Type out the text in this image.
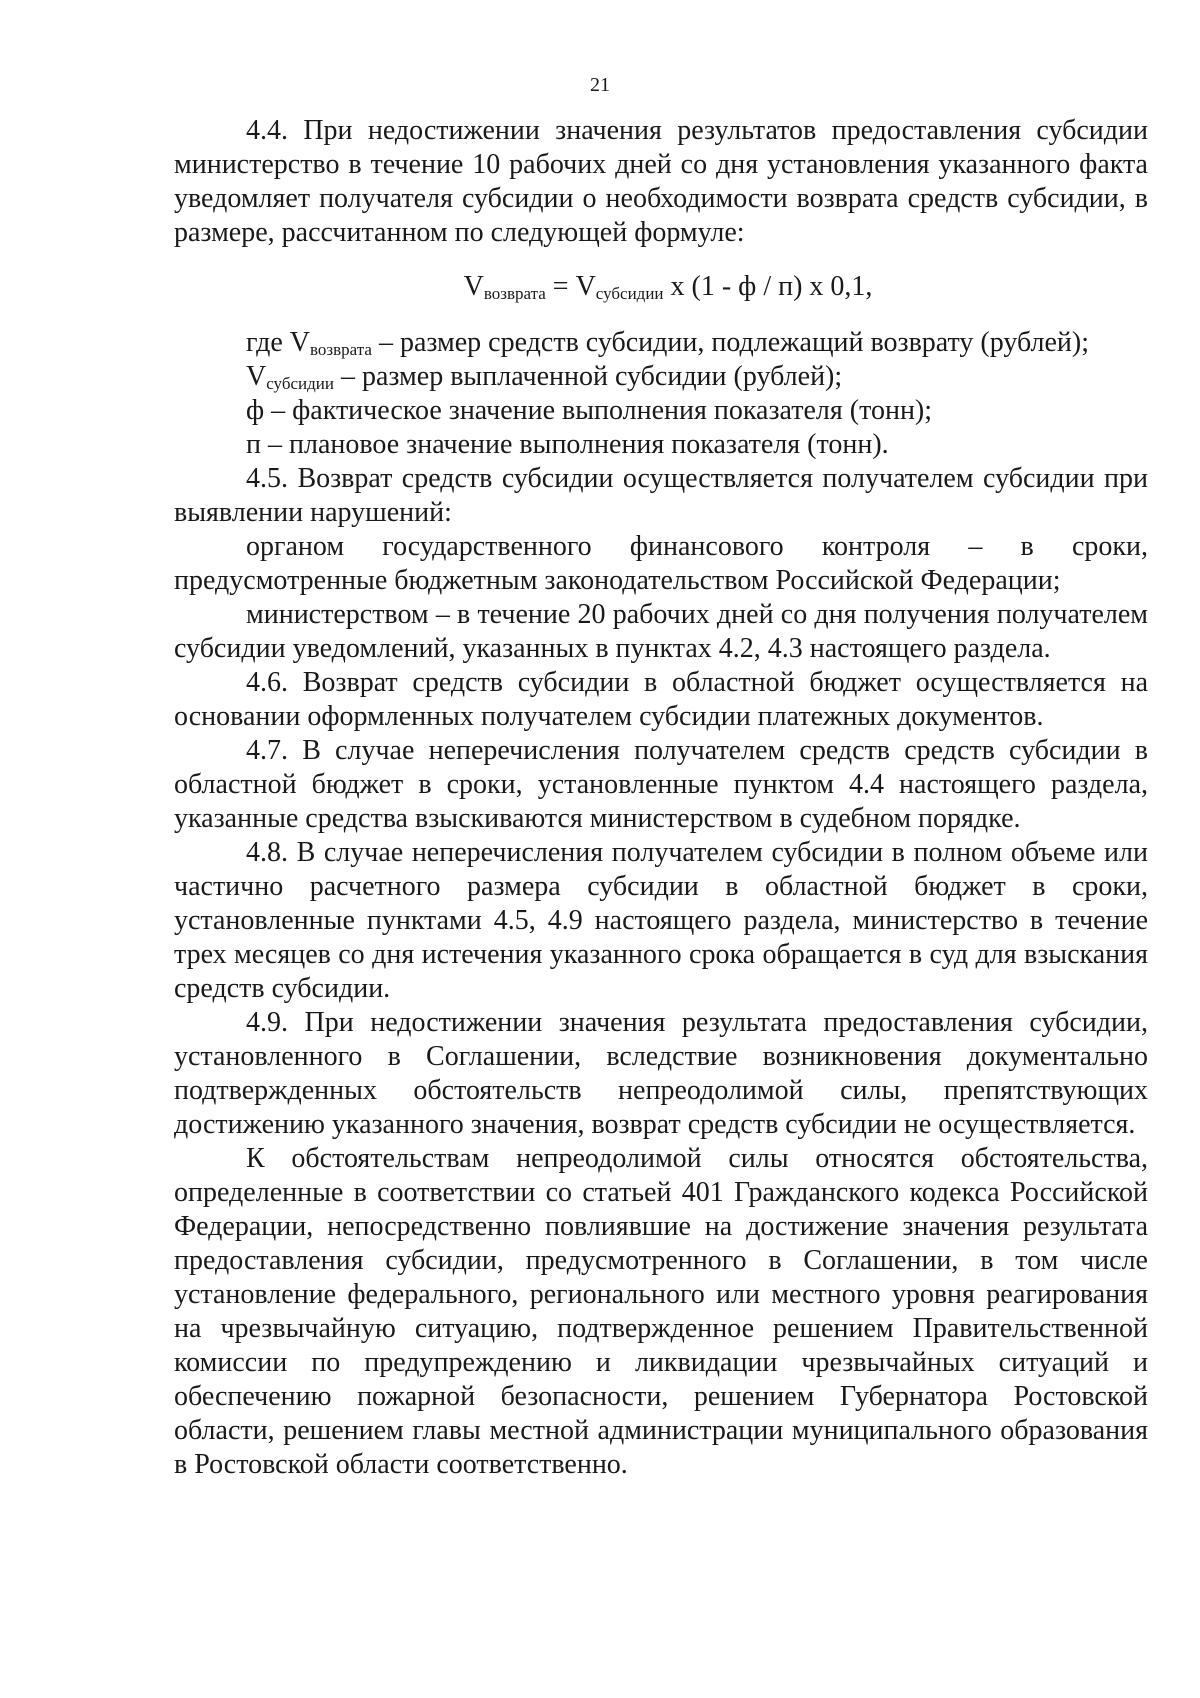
21

4.4. При недостижении значения результатов предоставления субсидии министерство в течение 10 рабочих дней со дня установления указанного факта уведомляет получателя субсидии о необходимости возврата средств субсидии, в размере, рассчитанном по следующей формуле:

$V_{возврата} = V_{субсидии}$ х (1 - ф / п) х 0,1,

где $V_{возврата}$ – размер средств субсидии, подлежащий возврату (рублей);

$V_{субсидии}$ – размер выплаченной субсидии (рублей);

ф – фактическое значение выполнения показателя (тонн);

п – плановое значение выполнения показателя (тонн).

4.5. Возврат средств субсидии осуществляется получателем субсидии при выявлении нарушений:

органом государственного финансового контроля – в сроки, предусмотренные бюджетным законодательством Российской Федерации;

министерством – в течение 20 рабочих дней со дня получения получателем субсидии уведомлений, указанных в пунктах 4.2, 4.3 настоящего раздела.

4.6. Возврат средств субсидии в областной бюджет осуществляется на основании оформленных получателем субсидии платежных документов.

4.7. В случае неперечисления получателем средств средств субсидии в областной бюджет в сроки, установленные пунктом 4.4 настоящего раздела, указанные средства взыскиваются министерством в судебном порядке.

4.8. В случае неперечисления получателем субсидии в полном объеме или частично расчетного размера субсидии в областной бюджет в сроки, установленные пунктами 4.5, 4.9 настоящего раздела, министерство в течение трех месяцев со дня истечения указанного срока обращается в суд для взыскания средств субсидии.

4.9. При недостижении значения результата предоставления субсидии, установленного в Соглашении, вследствие возникновения документально подтвержденных обстоятельств непреодолимой силы, препятствующих достижению указанного значения, возврат средств субсидии не осуществляется.

К обстоятельствам непреодолимой силы относятся обстоятельства, определенные в соответствии со статьей 401 Гражданского кодекса Российской Федерации, непосредственно повлиявшие на достижение значения результата предоставления субсидии, предусмотренного в Соглашении, в том числе установление федерального, регионального или местного уровня реагирования на чрезвычайную ситуацию, подтвержденное решением Правительственной комиссии по предупреждению и ликвидации чрезвычайных ситуаций и обеспечению пожарной безопасности, решением Губернатора Ростовской области, решением главы местной администрации муниципального образования в Ростовской области соответственно.
